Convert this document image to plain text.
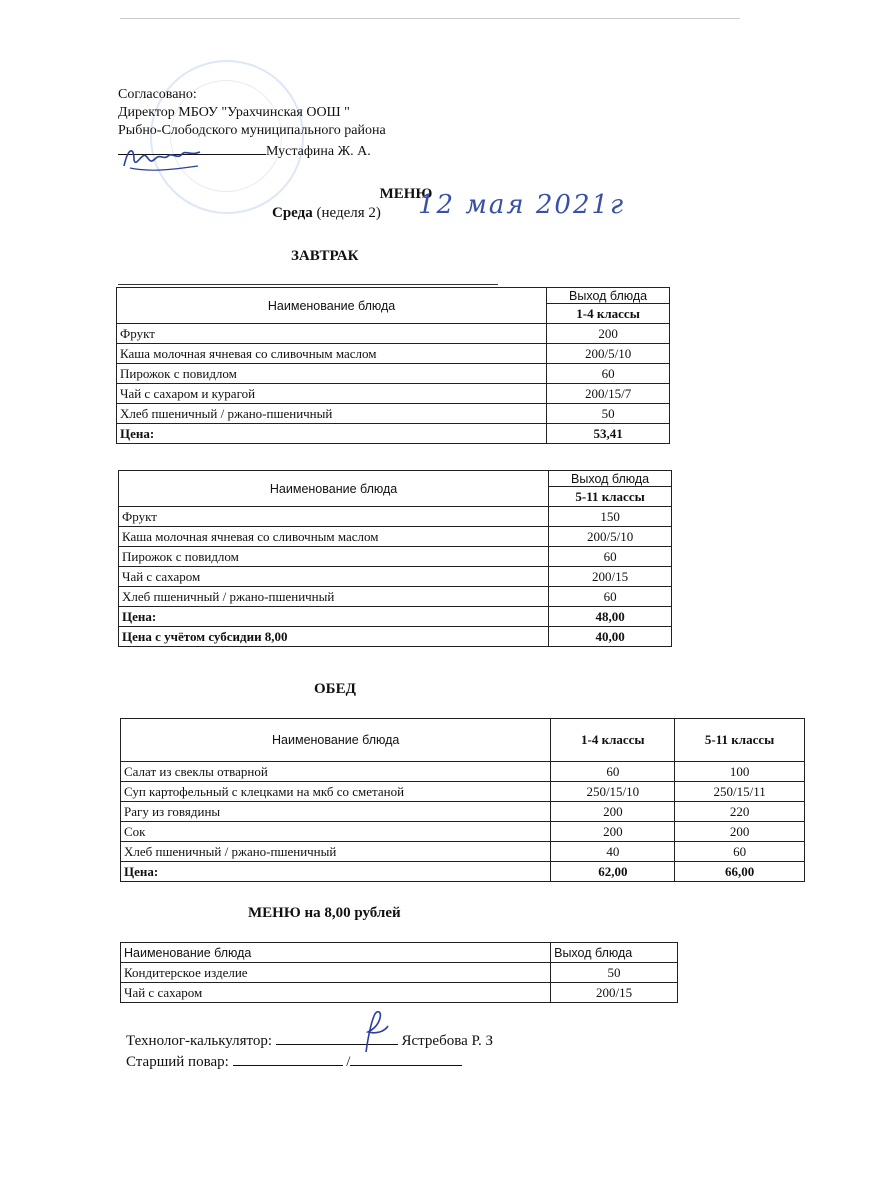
Согласовано:
Директор МБОУ "Урахчинская ООШ "
Рыбно-Слободского муниципального района
Мустафина Ж. А.
МЕНЮ
Среда (неделя 2) 12 мая 2021г
ЗАВТРАК
Наименование блюда	Выход блюда
	1-4 классы
Фрукт	200
Каша молочная ячневая со сливочным маслом	200/5/10
Пирожок с повидлом	60
Чай с сахаром и курагой	200/15/7
Хлеб пшеничный / ржано-пшеничный	50
Цена:	53,41
Наименование блюда	Выход блюда
	5-11 классы
Фрукт	150
Каша молочная ячневая со сливочным маслом	200/5/10
Пирожок с повидлом	60
Чай с сахаром	200/15
Хлеб пшеничный / ржано-пшеничный	60
Цена:	48,00
Цена с учётом субсидии 8,00	40,00
ОБЕД
Наименование блюда	1-4 классы	5-11 классы
Салат из свеклы отварной	60	100
Суп картофельный с клецками на мкб со сметаной	250/15/10	250/15/11
Рагу из говядины	200	220
Сок	200	200
Хлеб пшеничный / ржано-пшеничный	40	60
Цена:	62,00	66,00
МЕНЮ на 8,00 рублей
Наименование блюда	Выход блюда
Кондитерское изделие	50
Чай с сахаром	200/15
Технолог-калькулятор:	Ястребова Р. З
Старший повар:	/
